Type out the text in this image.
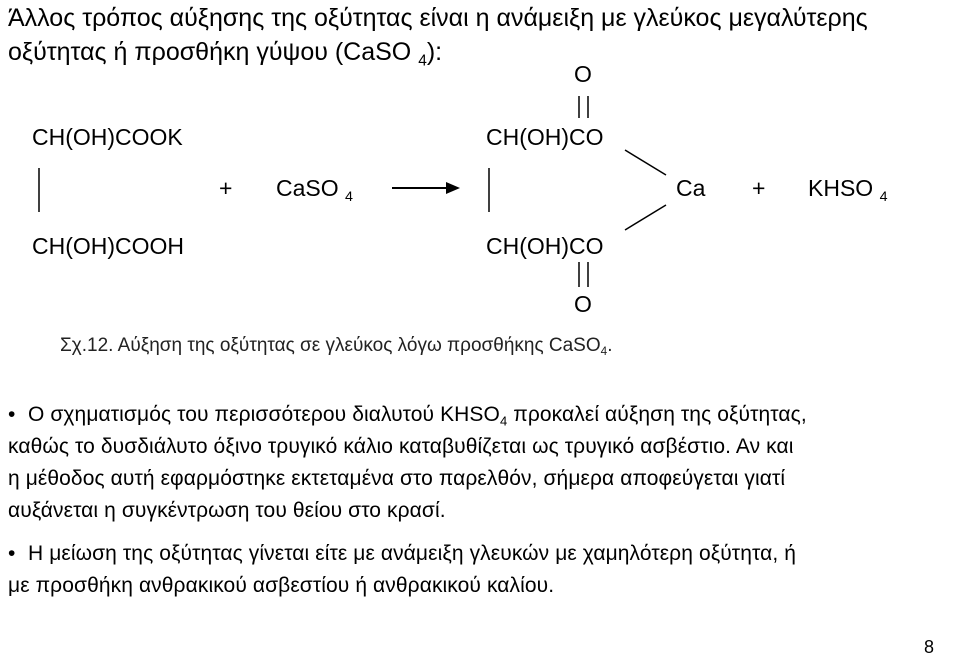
Άλλος τρόπος αύξησης της οξύτητας είναι η ανάμειξη με γλεύκος μεγαλύτερης
οξύτητας ή προσθήκη γύψου (CaSO $_4$):
O
CH(OH)COOK	CH(OH)CO
+ CaSO $_4$	Ca + KHSO $_4$
CH(OH)COOH	CH(OH)CO
O
Σχ.12. Αύξηση της οξύτητας σε γλεύκος λόγω προσθήκης CaSO$_4$.
• Ο σχηματισμός του περισσότερου διαλυτού $KHSO_4$ προκαλεί αύξηση της οξύτητας,
καθώς το δυσδιάλυτο όξινο τρυγικό κάλιο καταβυθίζεται ως τρυγικό ασβέστιο. Αν και
η μέθοδος αυτή εφαρμόστηκε εκτεταμένα στο παρελθόν, σήμερα αποφεύγεται γιατί
αυξάνεται η συγκέντρωση του θείου στο κρασί.
• Η μείωση της οξύτητας γίνεται είτε με ανάμειξη γλευκών με χαμηλότερη οξύτητα, ή
με προσθήκη ανθρακικού ασβεστίου ή ανθρακικού καλίου.
8
